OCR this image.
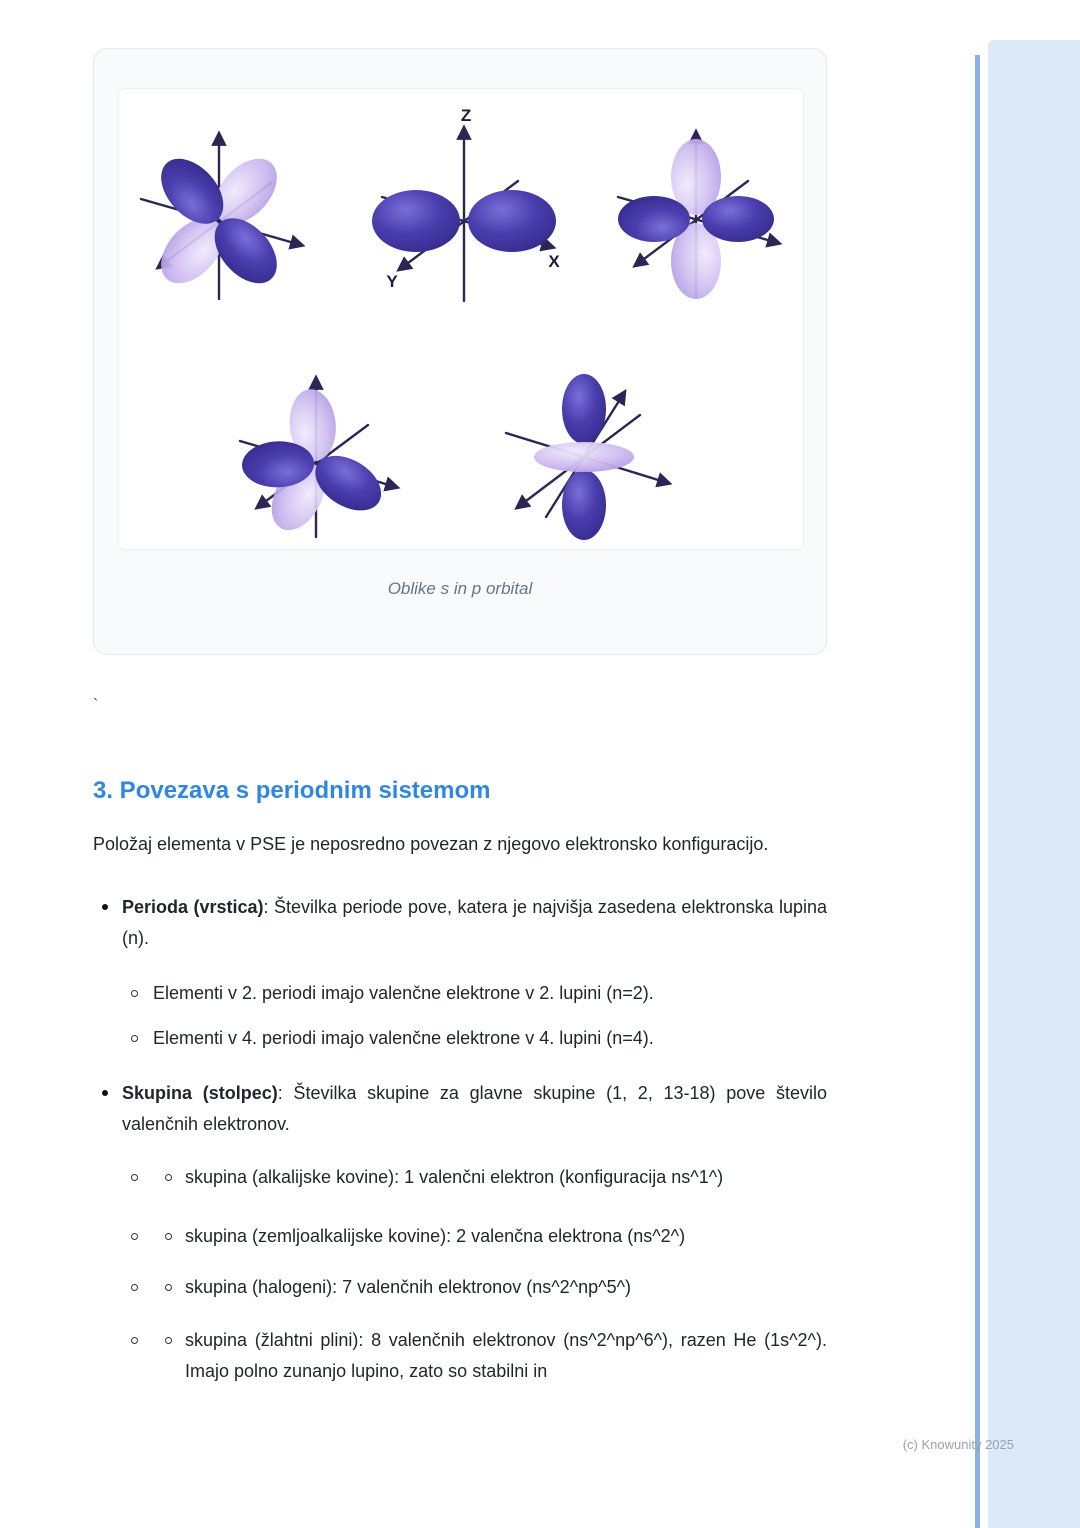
Z
X
Y
Oblike s in p orbital
`
3. Povezava s periodnim sistemom

Položaj elementa v PSE je neposredno povezan z njegovo elektronsko konfiguracijo.

Perioda (vrstica): Številka periode pove, katera je najvišja zasedena elektronska lupina (n).

Elementi v 2. periodi imajo valenčne elektrone v 2. lupini (n=2).

Elementi v 4. periodi imajo valenčne elektrone v 4. lupini (n=4).

Skupina (stolpec): Številka skupine za glavne skupine (1, 2, 13-18) pove število valenčnih elektronov.

skupina (alkalijske kovine): 1 valenčni elektron (konfiguracija ns^1^)

skupina (zemljoalkalijske kovine): 2 valenčna elektrona (ns^2^)

skupina (halogeni): 7 valenčnih elektronov (ns^2^np^5^)

skupina (žlahtni plini): 8 valenčnih elektronov (ns^2^np^6^), razen He (1s^2^). Imajo polno zunanjo lupino, zato so stabilni in

(c) Knowunity 2025
